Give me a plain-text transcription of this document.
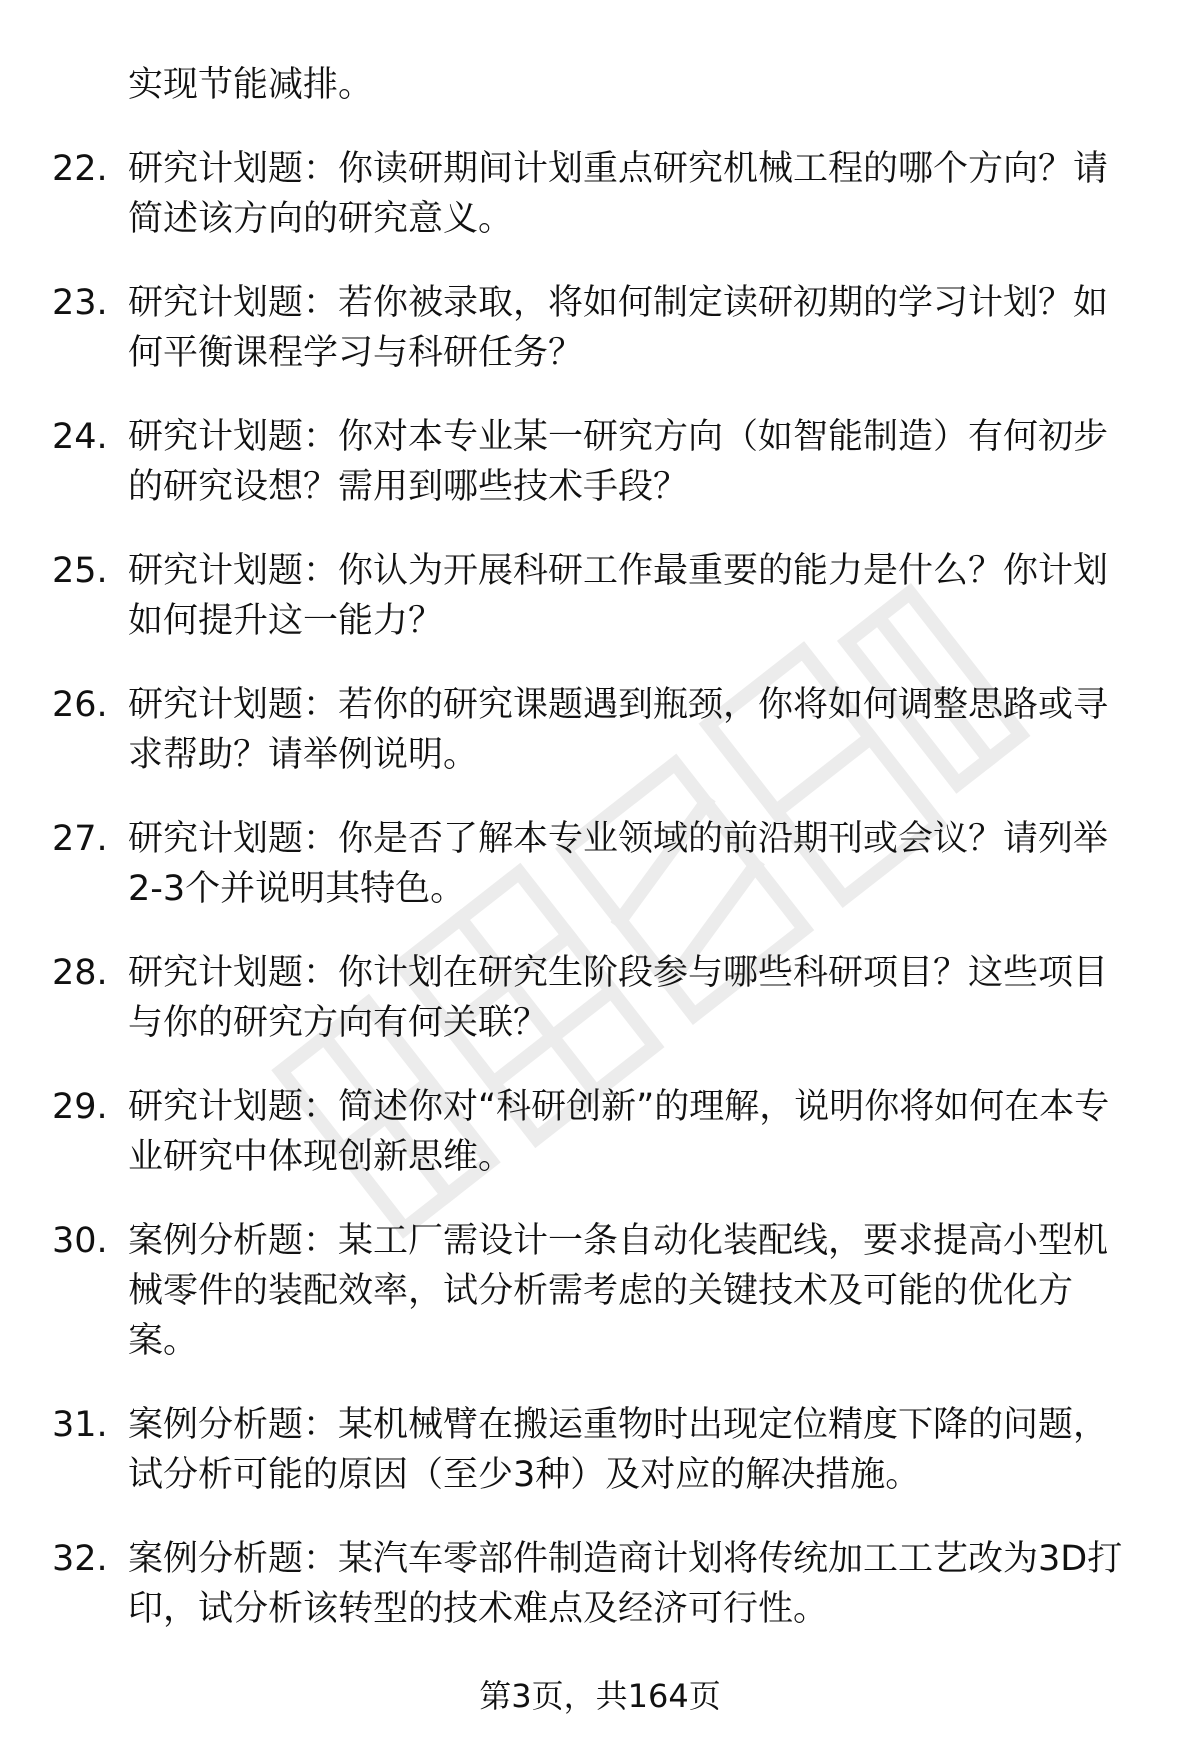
实现节能减排。

22. 研究计划题：你读研期间计划重点研究机械工程的哪个方向？请简述该方向的研究意义。
23. 研究计划题：若你被录取，将如何制定读研初期的学习计划？如何平衡课程学习与科研任务？
24. 研究计划题：你对本专业某一研究方向（如智能制造）有何初步的研究设想？需用到哪些技术手段？
25. 研究计划题：你认为开展科研工作最重要的能力是什么？你计划如何提升这一能力？
26. 研究计划题：若你的研究课题遇到瓶颈，你将如何调整思路或寻求帮助？请举例说明。
27. 研究计划题：你是否了解本专业领域的前沿期刊或会议？请列举2-3个并说明其特色。
28. 研究计划题：你计划在研究生阶段参与哪些科研项目？这些项目与你的研究方向有何关联？
29. 研究计划题：简述你对“科研创新”的理解，说明你将如何在本专业研究中体现创新思维。
30. 案例分析题：某工厂需设计一条自动化装配线，要求提高小型机械零件的装配效率，试分析需考虑的关键技术及可能的优化方案。
31. 案例分析题：某机械臂在搬运重物时出现定位精度下降的问题，试分析可能的原因（至少3种）及对应的解决措施。
32. 案例分析题：某汽车零部件制造商计划将传统加工工艺改为3D打印，试分析该转型的技术难点及经济可行性。
第3页，共164页
